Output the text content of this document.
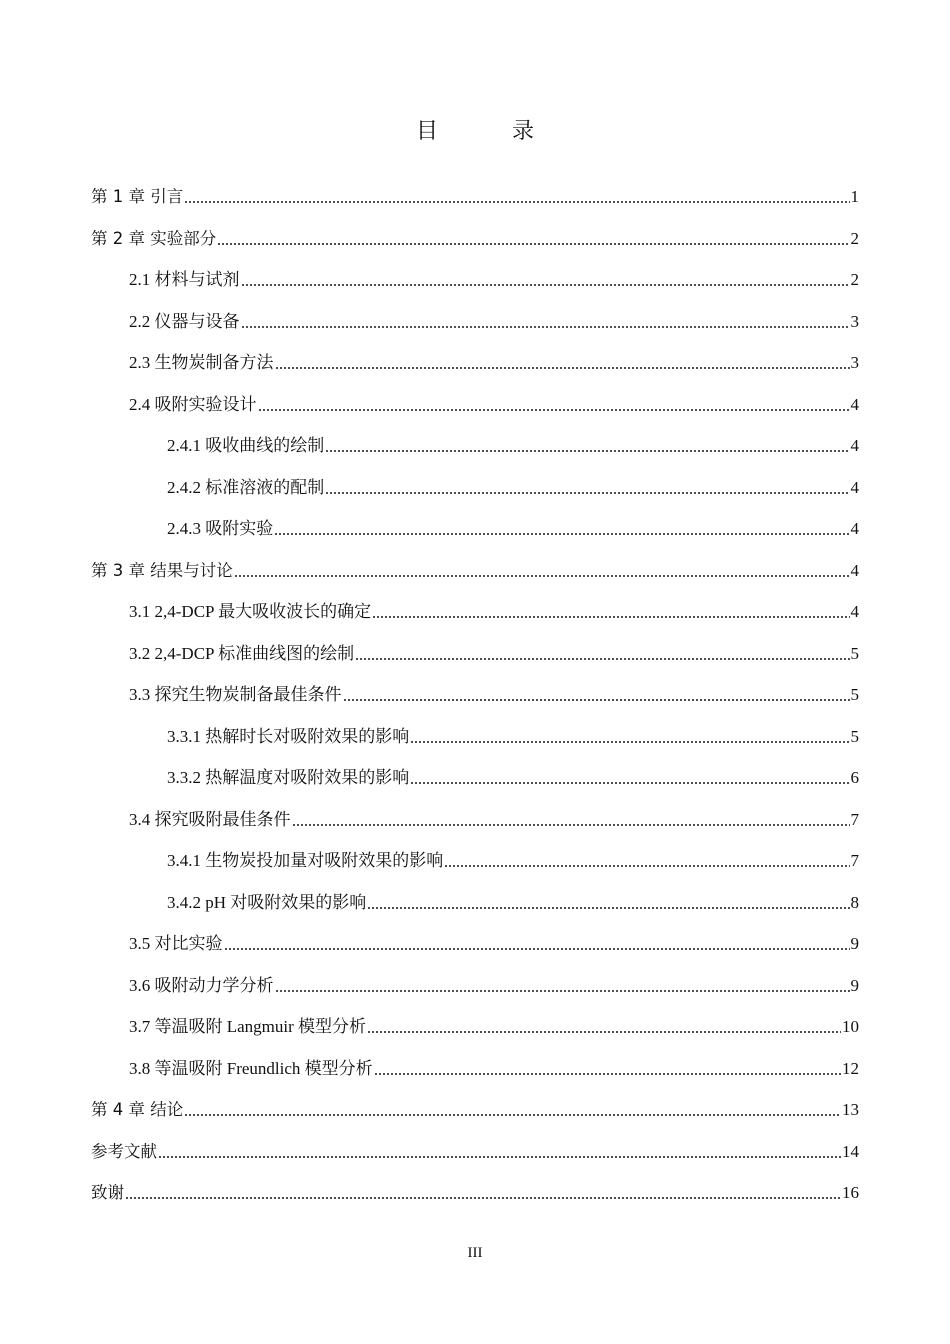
目　录
第 1 章 引言	1
第 2 章 实验部分	2
2.1 材料与试剂	2
2.2 仪器与设备	3
2.3 生物炭制备方法	3
2.4 吸附实验设计	4
2.4.1 吸收曲线的绘制	4
2.4.2 标准溶液的配制	4
2.4.3 吸附实验	4
第 3 章 结果与讨论	4
3.1 2,4-DCP 最大吸收波长的确定	4
3.2 2,4-DCP 标准曲线图的绘制	5
3.3 探究生物炭制备最佳条件	5
3.3.1 热解时长对吸附效果的影响	5
3.3.2 热解温度对吸附效果的影响	6
3.4 探究吸附最佳条件	7
3.4.1 生物炭投加量对吸附效果的影响	7
3.4.2 pH 对吸附效果的影响	8
3.5 对比实验	9
3.6 吸附动力学分析	9
3.7 等温吸附 Langmuir 模型分析	10
3.8 等温吸附 Freundlich 模型分析	12
第 4 章 结论	13
参考文献	14
致谢	16
III
